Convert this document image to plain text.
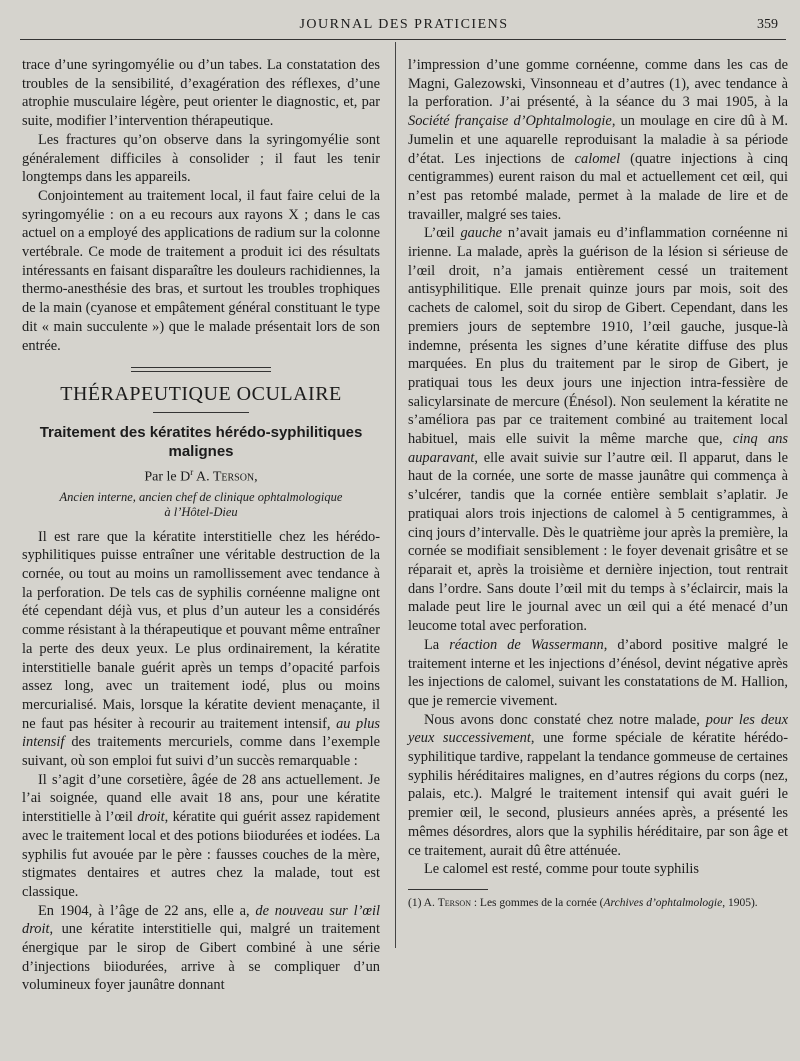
JOURNAL DES PRATICIENS	359

trace d’une syringomyélie ou d’un tabes. La constatation des troubles de la sensibilité, d’exagération des réflexes, d’une atrophie musculaire légère, peut orienter le diagnostic, et, par suite, modifier l’intervention thérapeutique.

Les fractures qu’on observe dans la syringomyélie sont généralement difficiles à consolider ; il faut les tenir longtemps dans les appareils.

Conjointement au traitement local, il faut faire celui de la syringomyélie : on a eu recours aux rayons X ; dans le cas actuel on a employé des applications de radium sur la colonne vertébrale. Ce mode de traitement a produit ici des résultats intéressants en faisant disparaître les douleurs rachidiennes, la thermo-anesthésie des bras, et surtout les troubles trophiques de la main (cyanose et empâtement général constituant le type dit « main succulente ») que le malade présentait lors de son entrée.

THÉRAPEUTIQUE OCULAIRE
Traitement des kératites hérédo-syphilitiques malignes
Par le $D^r$ A. Terson,
Ancien interne, ancien chef de clinique ophtalmologique
à l’Hôtel-Dieu

Il est rare que la kératite interstitielle chez les hérédo-syphilitiques puisse entraîner une véritable destruction de la cornée, ou tout au moins un ramollissement avec tendance à la perforation. De tels cas de syphilis cornéenne maligne ont été cependant déjà vus, et plus d’un auteur les a considérés comme résistant à la thérapeutique et pouvant même entraîner la perte des deux yeux. Le plus ordinairement, la kératite interstitielle banale guérit après un temps d’opacité parfois assez long, avec un traitement iodé, plus ou moins mercurialisé. Mais, lorsque la kératite devient menaçante, il ne faut pas hésiter à recourir au traitement intensif, au plus intensif des traitements mercuriels, comme dans l’exemple suivant, où son emploi fut suivi d’un succès remarquable :

Il s’agit d’une corsetière, âgée de 28 ans actuellement. Je l’ai soignée, quand elle avait 18 ans, pour une kératite interstitielle à l’œil droit, kératite qui guérit assez rapidement avec le traitement local et des potions biiodurées et iodées. La syphilis fut avouée par le père : fausses couches de la mère, stigmates dentaires et autres chez la malade, tout est classique.

En 1904, à l’âge de 22 ans, elle a, de nouveau sur l’œil droit, une kératite interstitielle qui, malgré un traitement énergique par le sirop de Gibert combiné à une série d’injections biiodurées, arrive à se compliquer d’un volumineux foyer jaunâtre donnant

l’impression d’une gomme cornéenne, comme dans les cas de Magni, Galezowski, Vinsonneau et d’autres (1), avec tendance à la perforation. J’ai présenté, à la séance du 3 mai 1905, à la Société française d’Ophtalmologie, un moulage en cire dû à M. Jumelin et une aquarelle reproduisant la maladie à sa période d’état. Les injections de calomel (quatre injections à cinq centigrammes) eurent raison du mal et actuellement cet œil, qui n’est pas retombé malade, permet à la malade de lire et de travailler, malgré ses taies.

L’œil gauche n’avait jamais eu d’inflammation cornéenne ni irienne. La malade, après la guérison de la lésion si sérieuse de l’œil droit, n’a jamais entièrement cessé un traitement antisyphilitique. Elle prenait quinze jours par mois, soit des cachets de calomel, soit du sirop de Gibert. Cependant, dans les premiers jours de septembre 1910, l’œil gauche, jusque-là indemne, présenta les signes d’une kératite diffuse des plus marquées. En plus du traitement par le sirop de Gibert, je pratiquai tous les deux jours une injection intra-fessière de salicylarsinate de mercure (Énésol). Non seulement la kératite ne s’améliora pas par ce traitement combiné au traitement local habituel, mais elle suivit la même marche que, cinq ans auparavant, elle avait suivie sur l’autre œil. Il apparut, dans le haut de la cornée, une sorte de masse jaunâtre qui commença à s’ulcérer, tandis que la cornée entière semblait s’aplatir. Je pratiquai alors trois injections de calomel à 5 centigrammes, à cinq jours d’intervalle. Dès le quatrième jour après la première, la cornée se modifiait sensiblement : le foyer devenait grisâtre et se réparait et, après la troisième et dernière injection, tout rentrait dans l’ordre. Sans doute l’œil mit du temps à s’éclaircir, mais la malade peut lire le journal avec un œil qui a été menacé d’un leucome total avec perforation.

La réaction de Wassermann, d’abord positive malgré le traitement interne et les injections d’énésol, devint négative après les injections de calomel, suivant les constatations de M. Hallion, que je remercie vivement.

Nous avons donc constaté chez notre malade, pour les deux yeux successivement, une forme spéciale de kératite hérédo-syphilitique tardive, rappelant la tendance gommeuse de certaines syphilis héréditaires malignes, en d’autres régions du corps (nez, palais, etc.). Malgré le traitement intensif qui avait guéri le premier œil, le second, plusieurs années après, a présenté les mêmes désordres, alors que la syphilis héréditaire, par son âge et ce traitement, aurait dû être atténuée.

Le calomel est resté, comme pour toute syphilis

(1) A. Terson : Les gommes de la cornée (Archives d’ophtalmologie, 1905).
